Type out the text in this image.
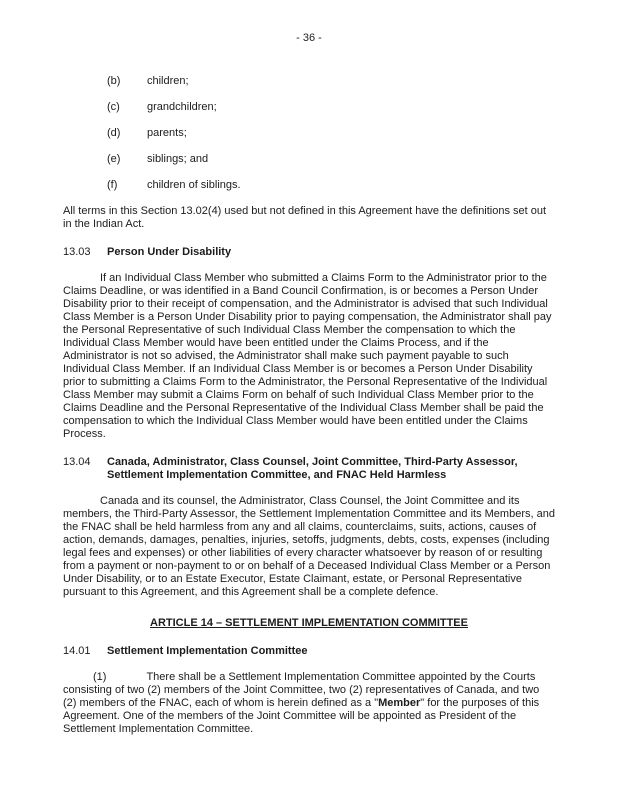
- 36 -
(b) children;
(c) grandchildren;
(d) parents;
(e) siblings; and
(f)	children of siblings.

All terms in this Section 13.02(4) used but not defined in this Agreement have the definitions set out in the Indian Act.

13.03 Person Under Disability

If an Individual Class Member who submitted a Claims Form to the Administrator prior to the Claims Deadline, or was identified in a Band Council Confirmation, is or becomes a Person Under Disability prior to their receipt of compensation, and the Administrator is advised that such Individual Class Member is a Person Under Disability prior to paying compensation, the Administrator shall pay the Personal Representative of such Individual Class Member the compensation to which the Individual Class Member would have been entitled under the Claims Process, and if the Administrator is not so advised, the Administrator shall make such payment payable to such Individual Class Member. If an Individual Class Member is or becomes a Person Under Disability prior to submitting a Claims Form to the Administrator, the Personal Representative of the Individual Class Member may submit a Claims Form on behalf of such Individual Class Member prior to the Claims Deadline and the Personal Representative of the Individual Class Member shall be paid the compensation to which the Individual Class Member would have been entitled under the Claims Process.

13.04 Canada, Administrator, Class Counsel, Joint Committee, Third-Party Assessor, Settlement Implementation Committee, and FNAC Held Harmless

Canada and its counsel, the Administrator, Class Counsel, the Joint Committee and its members, the Third-Party Assessor, the Settlement Implementation Committee and its Members, and the FNAC shall be held harmless from any and all claims, counterclaims, suits, actions, causes of action, demands, damages, penalties, injuries, setoffs, judgments, debts, costs, expenses (including legal fees and expenses) or other liabilities of every character whatsoever by reason of or resulting from a payment or non-payment to or on behalf of a Deceased Individual Class Member or a Person Under Disability, or to an Estate Executor, Estate Claimant, estate, or Personal Representative pursuant to this Agreement, and this Agreement shall be a complete defence.

ARTICLE 14 – SETTLEMENT IMPLEMENTATION COMMITTEE
14.01 Settlement Implementation Committee

(1)	There shall be a Settlement Implementation Committee appointed by the Courts consisting of two (2) members of the Joint Committee, two (2) representatives of Canada, and two (2) members of the FNAC, each of whom is herein defined as a "Member" for the purposes of this Agreement. One of the members of the Joint Committee will be appointed as President of the Settlement Implementation Committee.
